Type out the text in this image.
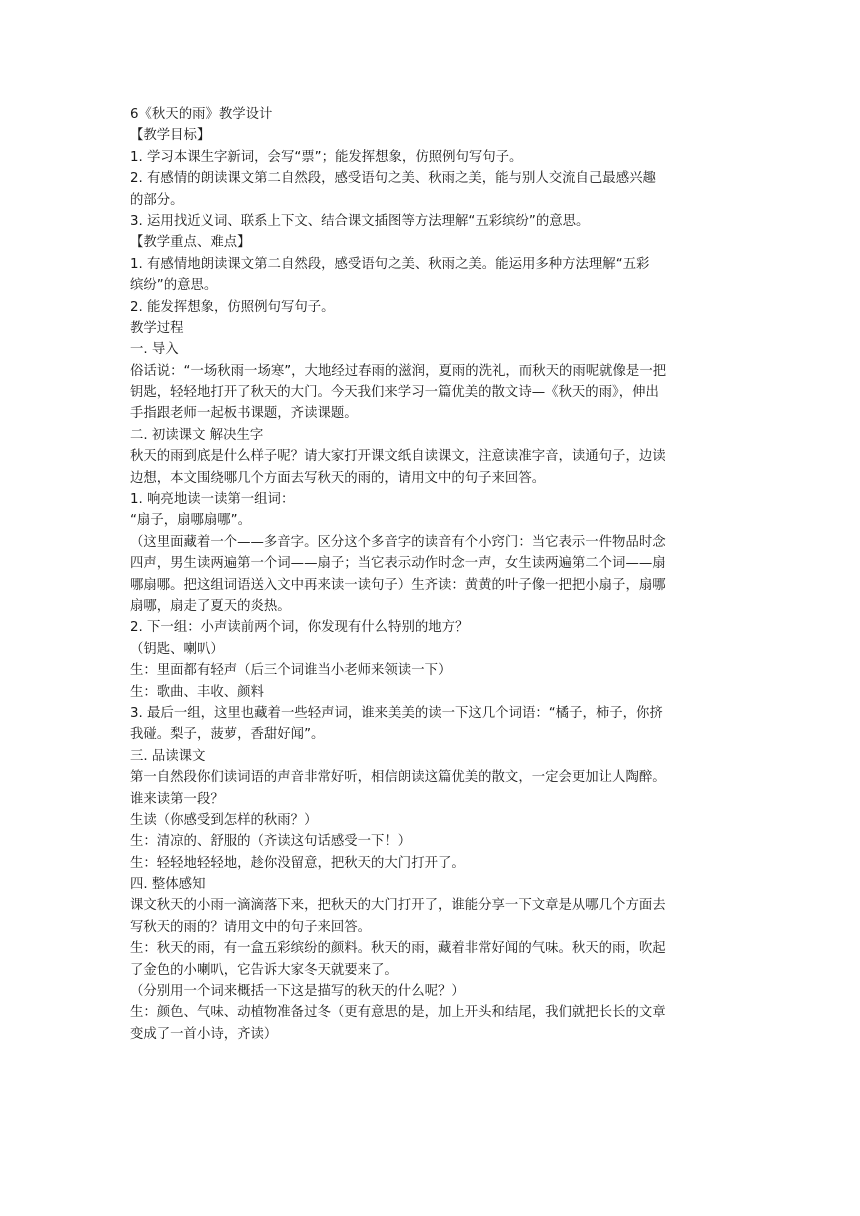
6《秋天的雨》教学设计
【教学目标】
1. 学习本课生字新词，会写“票”；能发挥想象，仿照例句写句子。
2. 有感情的朗读课文第二自然段，感受语句之美、秋雨之美，能与别人交流自己最感兴趣
的部分。
3. 运用找近义词、联系上下文、结合课文插图等方法理解“五彩缤纷”的意思。
【教学重点、难点】
1. 有感情地朗读课文第二自然段，感受语句之美、秋雨之美。能运用多种方法理解“五彩
缤纷”的意思。
2. 能发挥想象，仿照例句写句子。
教学过程
一. 导入
俗话说：“一场秋雨一场寒”，大地经过春雨的滋润，夏雨的洗礼，而秋天的雨呢就像是一把
钥匙，轻轻地打开了秋天的大门。今天我们来学习一篇优美的散文诗—《秋天的雨》，伸出
手指跟老师一起板书课题，齐读课题。
二. 初读课文 解决生字
秋天的雨到底是什么样子呢？请大家打开课文纸自读课文，注意读准字音，读通句子，边读
边想，本文围绕哪几个方面去写秋天的雨的，请用文中的句子来回答。
1. 响亮地读一读第一组词：
“扇子，扇哪扇哪”。
（这里面藏着一个——多音字。区分这个多音字的读音有个小窍门：当它表示一件物品时念
四声，男生读两遍第一个词——扇子；当它表示动作时念一声，女生读两遍第二个词——扇
哪扇哪。把这组词语送入文中再来读一读句子）生齐读：黄黄的叶子像一把把小扇子，扇哪
扇哪，扇走了夏天的炎热。
2. 下一组：小声读前两个词，你发现有什么特别的地方？
（钥匙、喇叭）
生：里面都有轻声（后三个词谁当小老师来领读一下）
生：歌曲、丰收、颜料
3. 最后一组，这里也藏着一些轻声词，谁来美美的读一下这几个词语：“橘子，柿子，你挤
我碰。梨子，菠萝，香甜好闻”。
三. 品读课文
第一自然段你们读词语的声音非常好听，相信朗读这篇优美的散文，一定会更加让人陶醉。
谁来读第一段？
生读（你感受到怎样的秋雨？）
生：清凉的、舒服的（齐读这句话感受一下！）
生：轻轻地轻轻地，趁你没留意，把秋天的大门打开了。
四. 整体感知
课文秋天的小雨一滴滴落下来，把秋天的大门打开了，谁能分享一下文章是从哪几个方面去
写秋天的雨的？请用文中的句子来回答。
生：秋天的雨，有一盒五彩缤纷的颜料。秋天的雨，藏着非常好闻的气味。秋天的雨，吹起
了金色的小喇叭，它告诉大家冬天就要来了。
（分别用一个词来概括一下这是描写的秋天的什么呢？）
生：颜色、气味、动植物准备过冬（更有意思的是，加上开头和结尾，我们就把长长的文章
变成了一首小诗，齐读）
